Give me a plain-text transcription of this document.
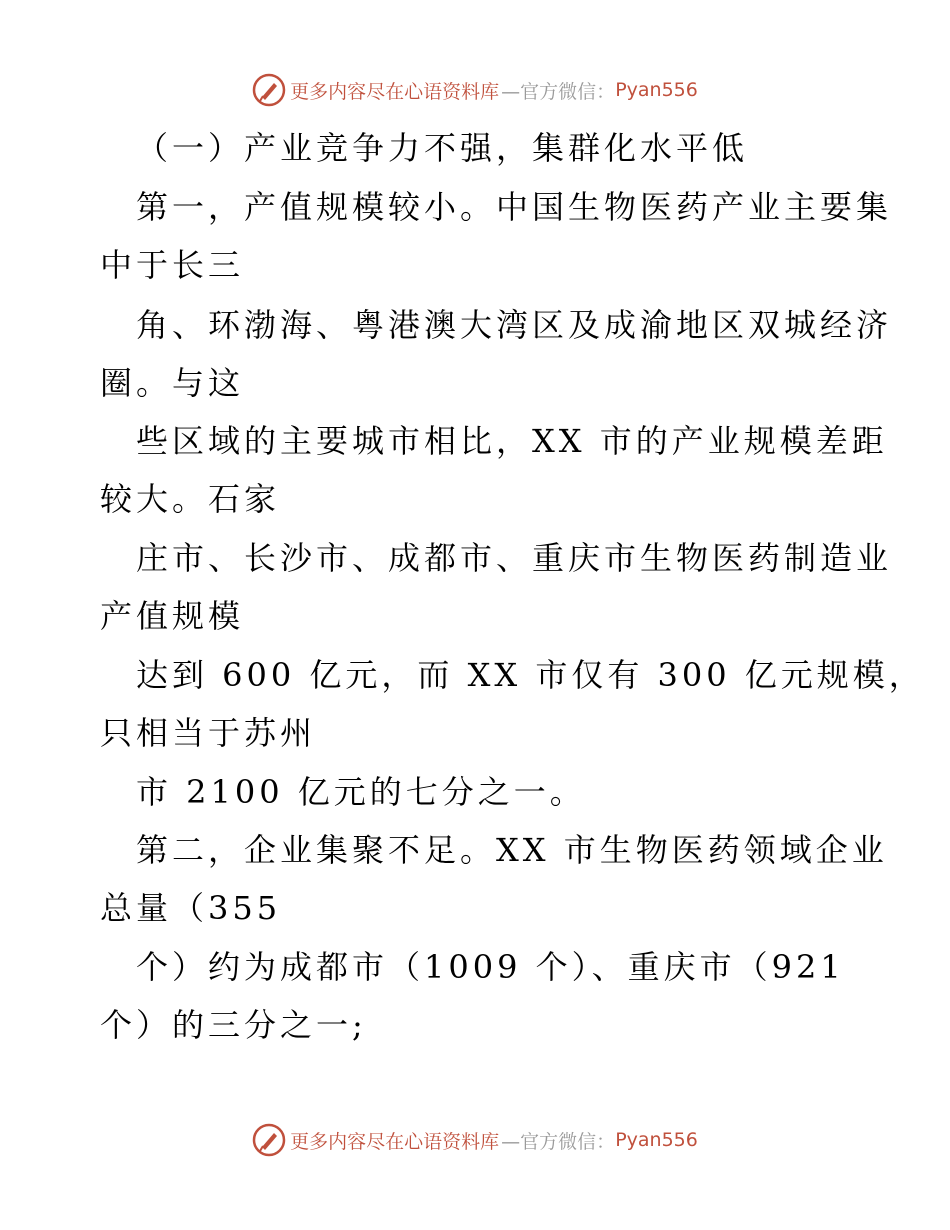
更多内容尽在心语资料库 —官方微信： Pyan556
（一）产业竞争力不强，集群化水平低
第一，产值规模较小。中国生物医药产业主要集
中于长三
角、环渤海、粤港澳大湾区及成渝地区双城经济
圈。与这
些区域的主要城市相比，XX 市的产业规模差距
较大。石家
庄市、长沙市、成都市、重庆市生物医药制造业
产值规模
达到 600 亿元，而 XX 市仅有 300 亿元规模，
只相当于苏州
市 2100 亿元的七分之一。
第二，企业集聚不足。XX 市生物医药领域企业
总量（355
个）约为成都市（1009 个）、重庆市（921
个）的三分之一;
更多内容尽在心语资料库 —官方微信： Pyan556
